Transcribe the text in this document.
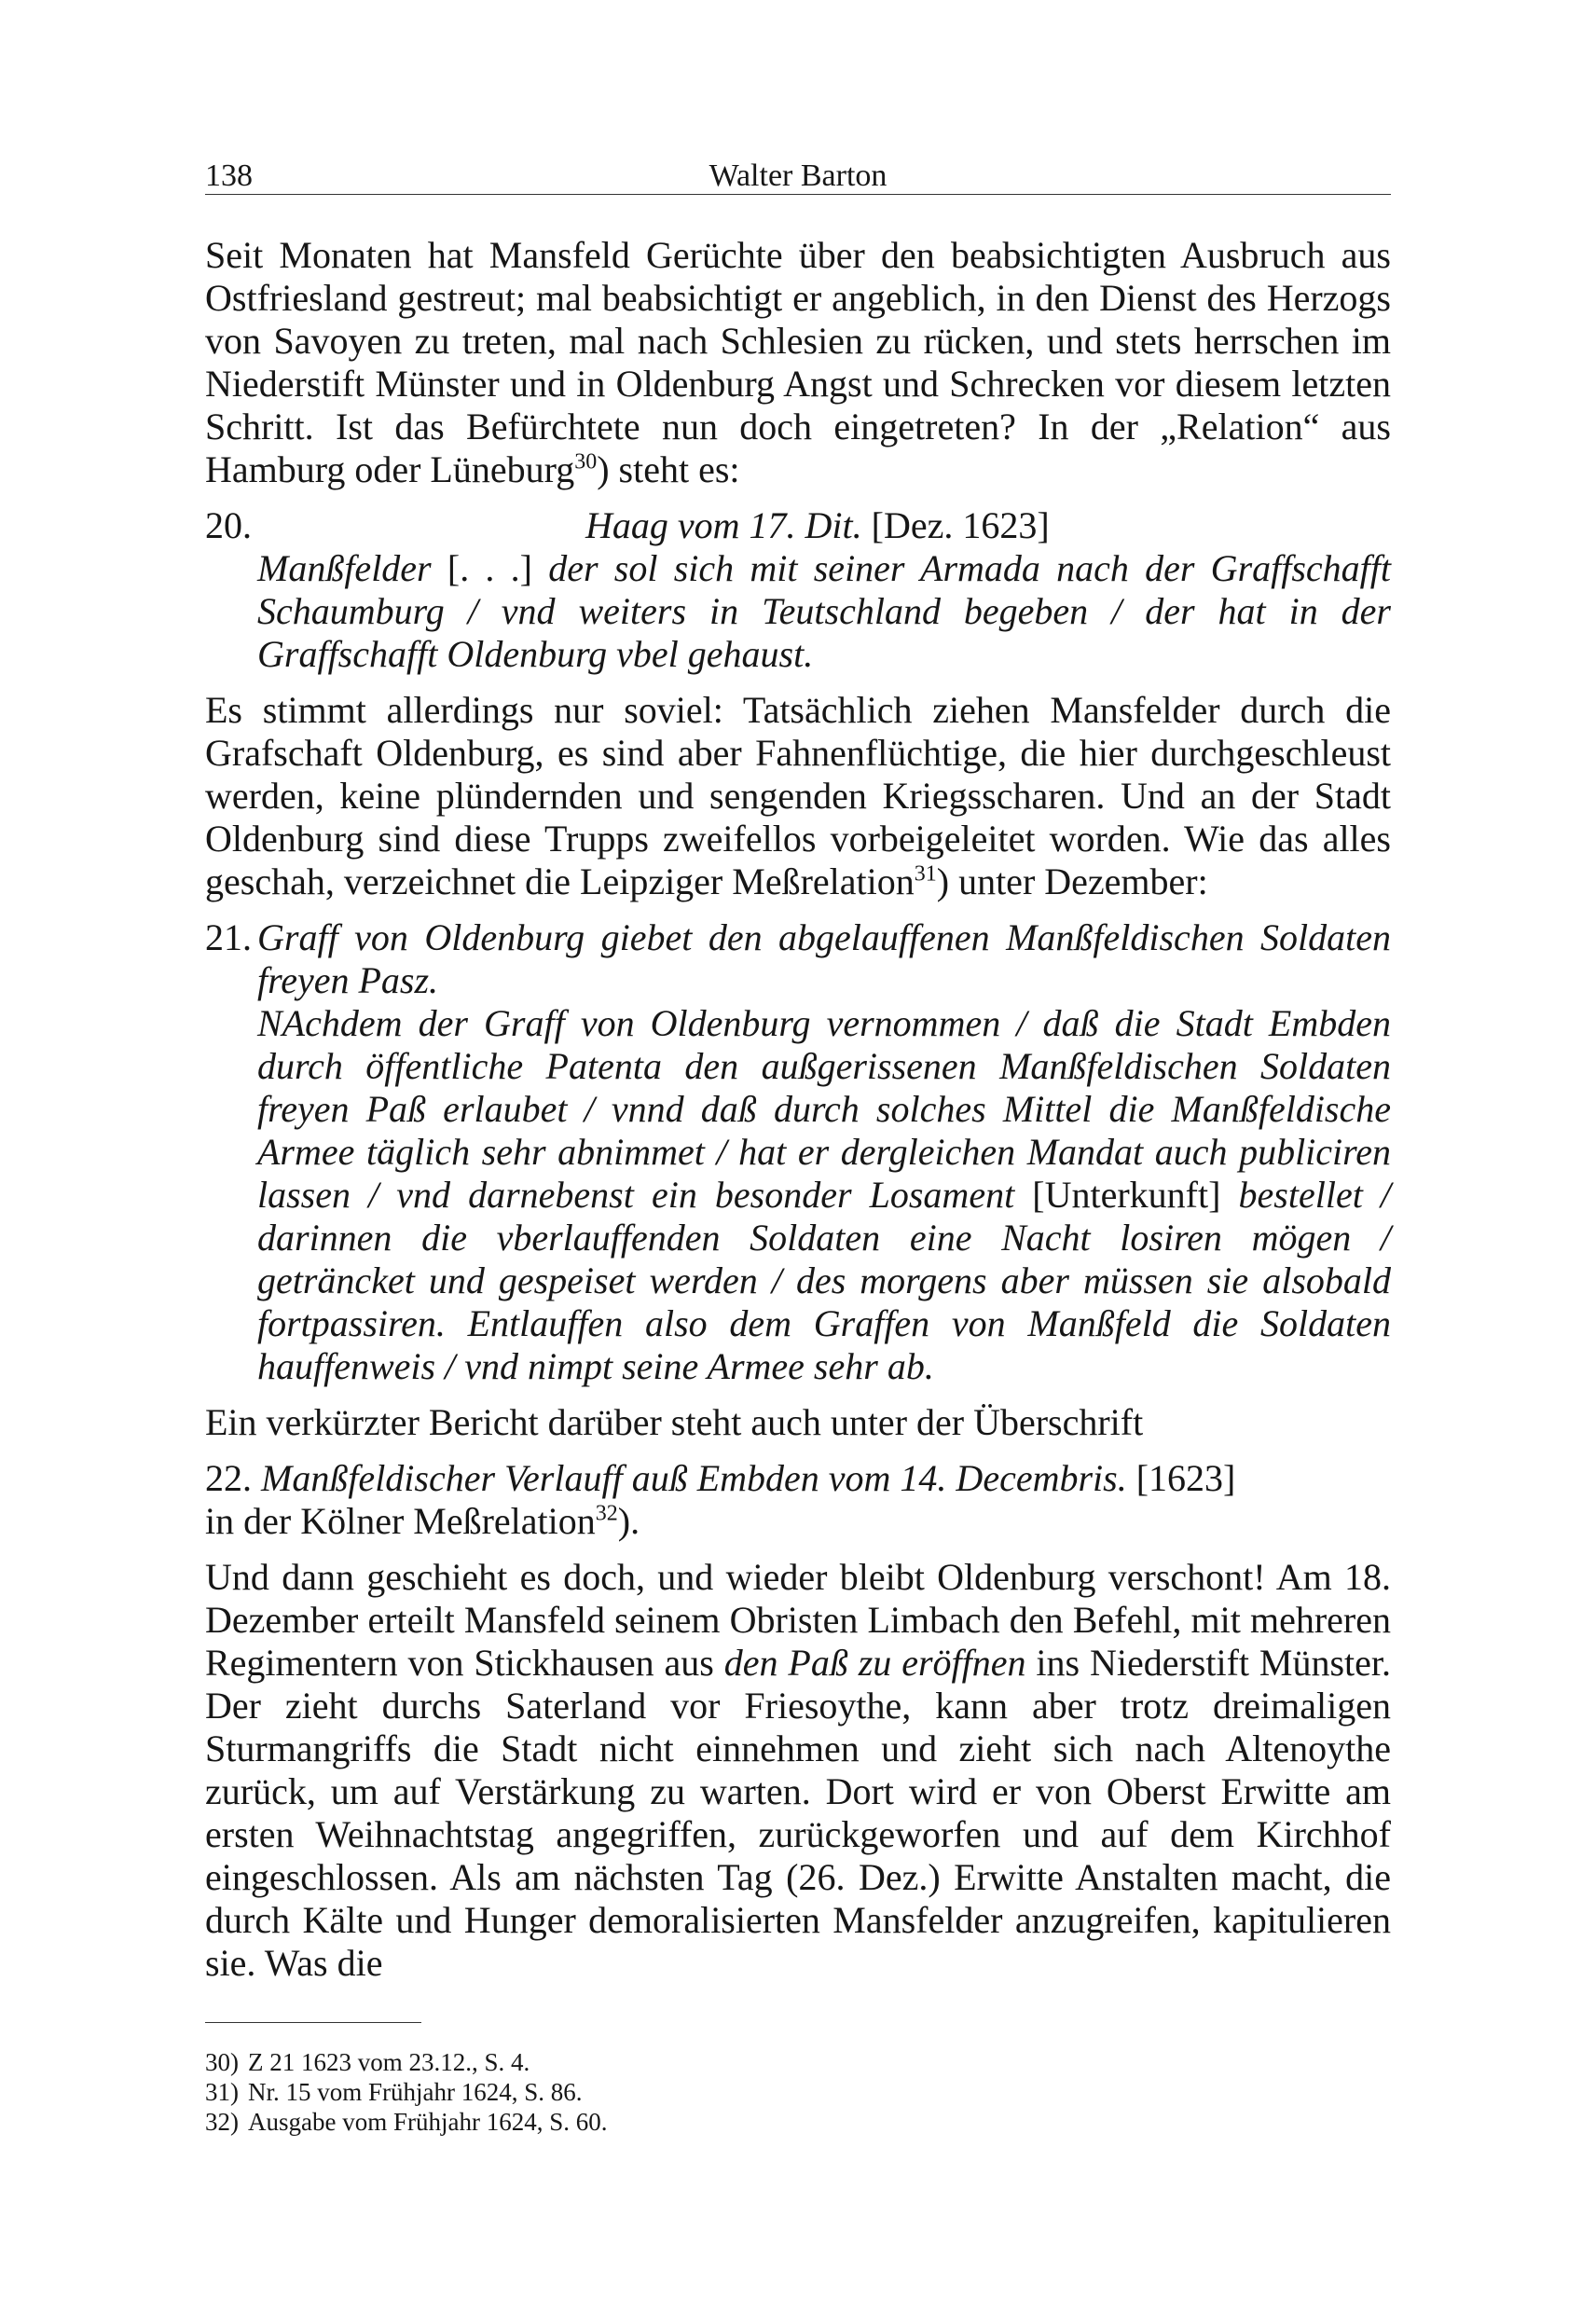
138	Walter Barton

Seit Monaten hat Mansfeld Gerüchte über den beabsichtigten Ausbruch aus Ostfriesland gestreut; mal beabsichtigt er angeblich, in den Dienst des Herzogs von Savoyen zu treten, mal nach Schlesien zu rücken, und stets herrschen im Niederstift Münster und in Oldenburg Angst und Schrecken vor diesem letzten Schritt. Ist das Befürchtete nun doch eingetreten? In der „Relation“ aus Hamburg oder Lüneburg$^{30}$) steht es:

20.	Haag vom 17. Dit. [Dez. 1623]

Manßfelder [. . .] der sol sich mit seiner Armada nach der Graffschafft Schaumburg / vnd weiters in Teutschland begeben / der hat in der Graffschafft Oldenburg vbel gehaust.

Es stimmt allerdings nur soviel: Tatsächlich ziehen Mansfelder durch die Grafschaft Oldenburg, es sind aber Fahnenflüchtige, die hier durchgeschleust werden, keine plündernden und sengenden Kriegsscharen. Und an der Stadt Oldenburg sind diese Trupps zweifellos vorbeigeleitet worden. Wie das alles geschah, verzeichnet die Leipziger Meßrelation$^{31}$) unter Dezember:

21. Graff von Oldenburg giebet den abgelauffenen Manßfeldischen Soldaten freyen Pasz.

NAchdem der Graff von Oldenburg vernommen / daß die Stadt Embden durch öffentliche Patenta den außgerissenen Manßfeldischen Soldaten freyen Paß erlaubet / vnnd daß durch solches Mittel die Manßfeldische Armee täglich sehr abnimmet / hat er dergleichen Mandat auch publiciren lassen / vnd darnebenst ein besonder Losament [Unterkunft] bestellet / darinnen die vberlauffenden Soldaten eine Nacht losiren mögen / geträncket und gespeiset werden / des morgens aber müssen sie alsobald fortpassiren. Entlauffen also dem Graffen von Manßfeld die Soldaten hauffenweis / vnd nimpt seine Armee sehr ab.

Ein verkürzter Bericht darüber steht auch unter der Überschrift

22. Manßfeldischer Verlauff auß Embden vom 14. Decembris. [1623]
in der Kölner Meßrelation$^{32}$).

Und dann geschieht es doch, und wieder bleibt Oldenburg verschont! Am 18. Dezember erteilt Mansfeld seinem Obristen Limbach den Befehl, mit mehreren Regimentern von Stickhausen aus den Paß zu eröffnen ins Niederstift Münster. Der zieht durchs Saterland vor Friesoythe, kann aber trotz dreimaligen Sturmangriffs die Stadt nicht einnehmen und zieht sich nach Altenoythe zurück, um auf Verstärkung zu warten. Dort wird er von Oberst Erwitte am ersten Weihnachtstag angegriffen, zurückgeworfen und auf dem Kirchhof eingeschlossen. Als am nächsten Tag (26. Dez.) Erwitte Anstalten macht, die durch Kälte und Hunger demoralisierten Mansfelder anzugreifen, kapitulieren sie. Was die

30) Z 21 1623 vom 23.12., S. 4.
31) Nr. 15 vom Frühjahr 1624, S. 86.
32) Ausgabe vom Frühjahr 1624, S. 60.
